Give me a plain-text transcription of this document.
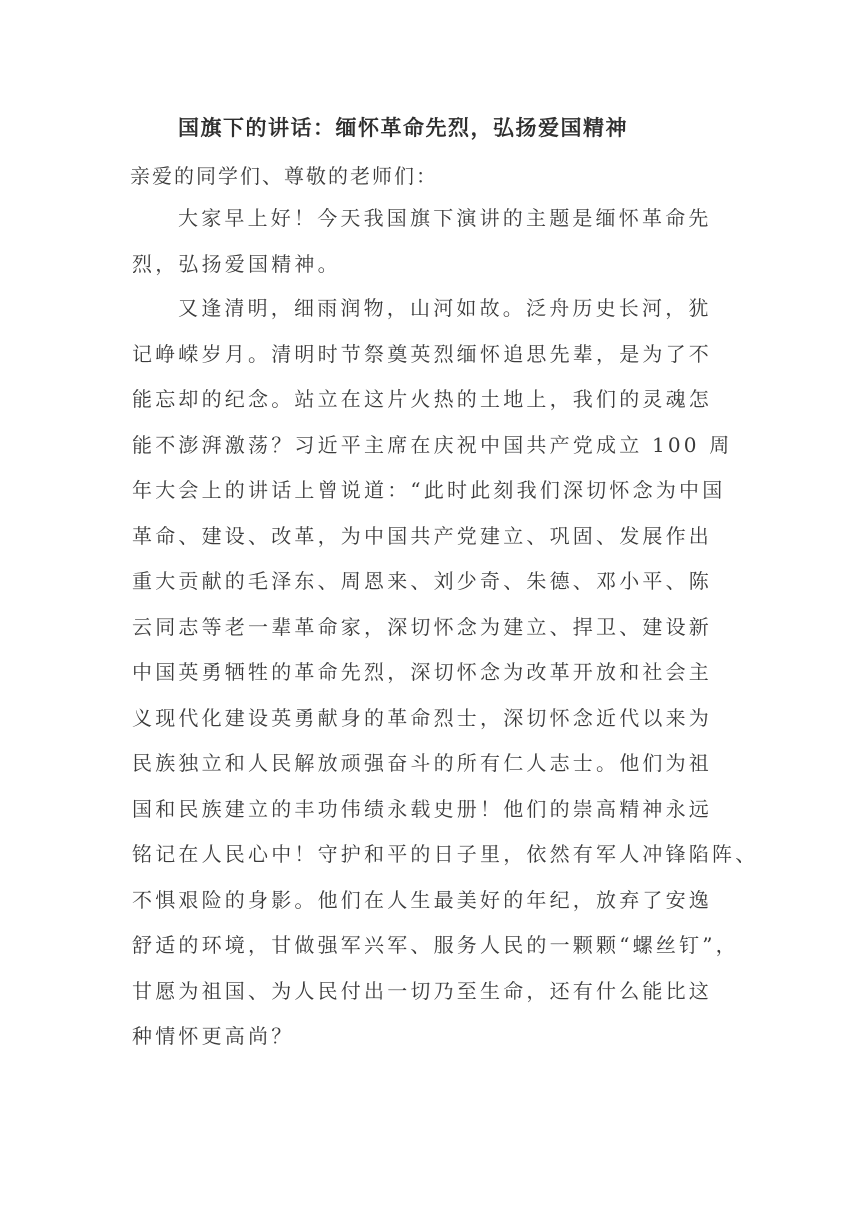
国旗下的讲话：缅怀革命先烈，弘扬爱国精神
亲爱的同学们、尊敬的老师们：
大家早上好！今天我国旗下演讲的主题是缅怀革命先
烈，弘扬爱国精神。
又逢清明，细雨润物，山河如故。泛舟历史长河，犹
记峥嵘岁月。清明时节祭奠英烈缅怀追思先辈，是为了不
能忘却的纪念。站立在这片火热的土地上，我们的灵魂怎
能不澎湃激荡？习近平主席在庆祝中国共产党成立 100 周
年大会上的讲话上曾说道：“此时此刻我们深切怀念为中国
革命、建设、改革，为中国共产党建立、巩固、发展作出
重大贡献的毛泽东、周恩来、刘少奇、朱德、邓小平、陈
云同志等老一辈革命家，深切怀念为建立、捍卫、建设新
中国英勇牺牲的革命先烈，深切怀念为改革开放和社会主
义现代化建设英勇献身的革命烈士，深切怀念近代以来为
民族独立和人民解放顽强奋斗的所有仁人志士。他们为祖
国和民族建立的丰功伟绩永载史册！他们的崇高精神永远
铭记在人民心中！守护和平的日子里，依然有军人冲锋陷阵、
不惧艰险的身影。他们在人生最美好的年纪，放弃了安逸
舒适的环境，甘做强军兴军、服务人民的一颗颗“螺丝钉”，
甘愿为祖国、为人民付出一切乃至生命，还有什么能比这
种情怀更高尚？
